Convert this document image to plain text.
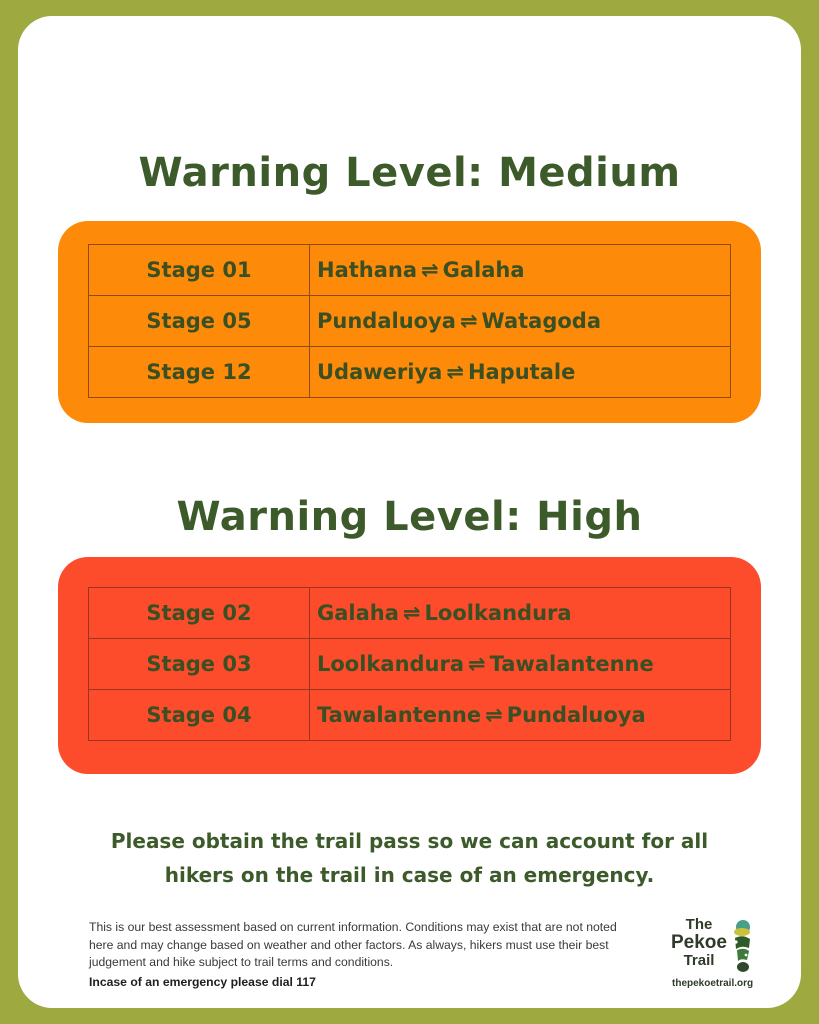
Warning Level: Medium
Stage 01	Hathana ⇌ Galaha
Stage 05	Pundaluoya ⇌ Watagoda
Stage 12	Udaweriya ⇌ Haputale
Warning Level: High
Stage 02	Galaha ⇌ Loolkandura
Stage 03	Loolkandura ⇌ Tawalantenne
Stage 04	Tawalantenne ⇌ Pundaluoya

Please obtain the trail pass so we can account for all hikers on the trail in case of an emergency.

This is our best assessment based on current information. Conditions may exist that are not noted here and may change based on weather and other factors. As always, hikers must use their best judgement and hike subject to trail terms and conditions.

Incase of an emergency please dial 117

The
Pekoe
Trail
thepekoetrail.org
